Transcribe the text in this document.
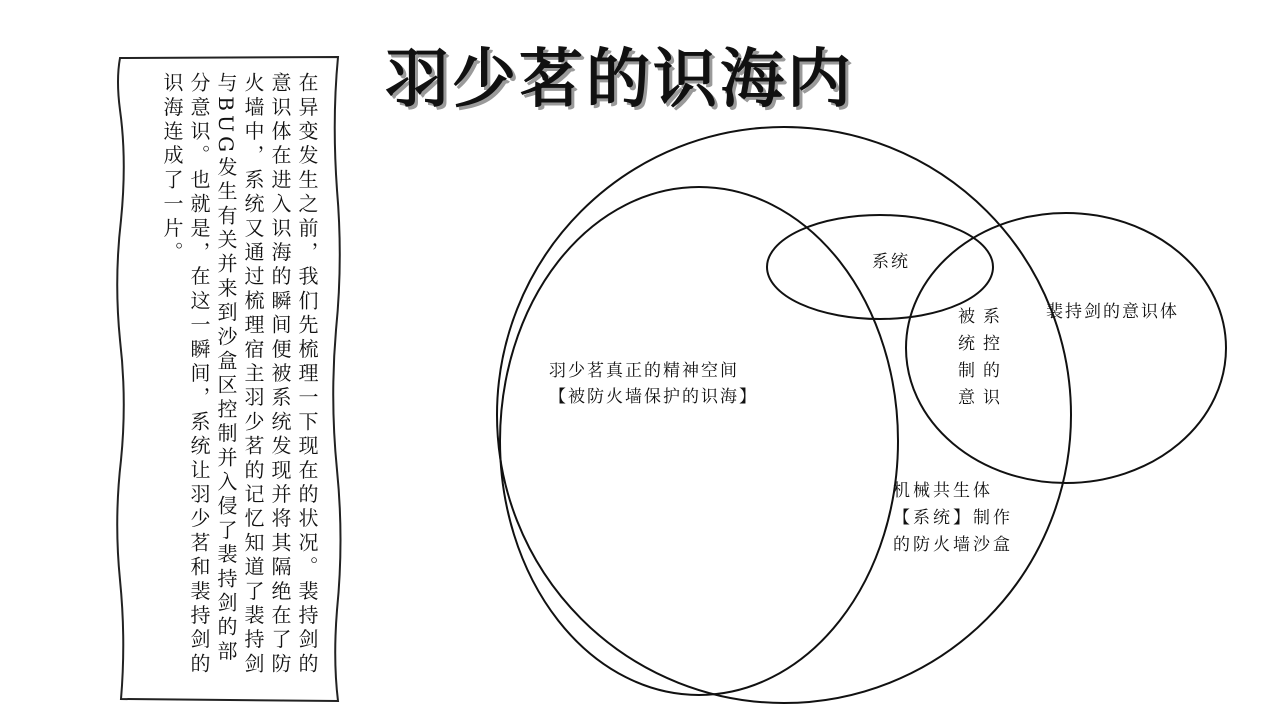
羽少茗的识海内
在异变发生之前，我们先梳理一下现在的状况。裴持剑的意识体在进入识海的瞬间便被系统发现并将其隔绝在了防火墙中，系统又通过梳理宿主羽少茗的记忆知道了裴持剑与BUG发生有关并来到沙盒区控制并入侵了裴持剑的部分意识。也就是，在这一瞬间，系统让羽少茗和裴持剑的识海连成了一片。	系统
裴持剑的意识体
被系统控制的意识
羽少茗真正的精神空间
【被防火墙保护的识海】
机械共生体【系统】制作的防火墙沙盒
